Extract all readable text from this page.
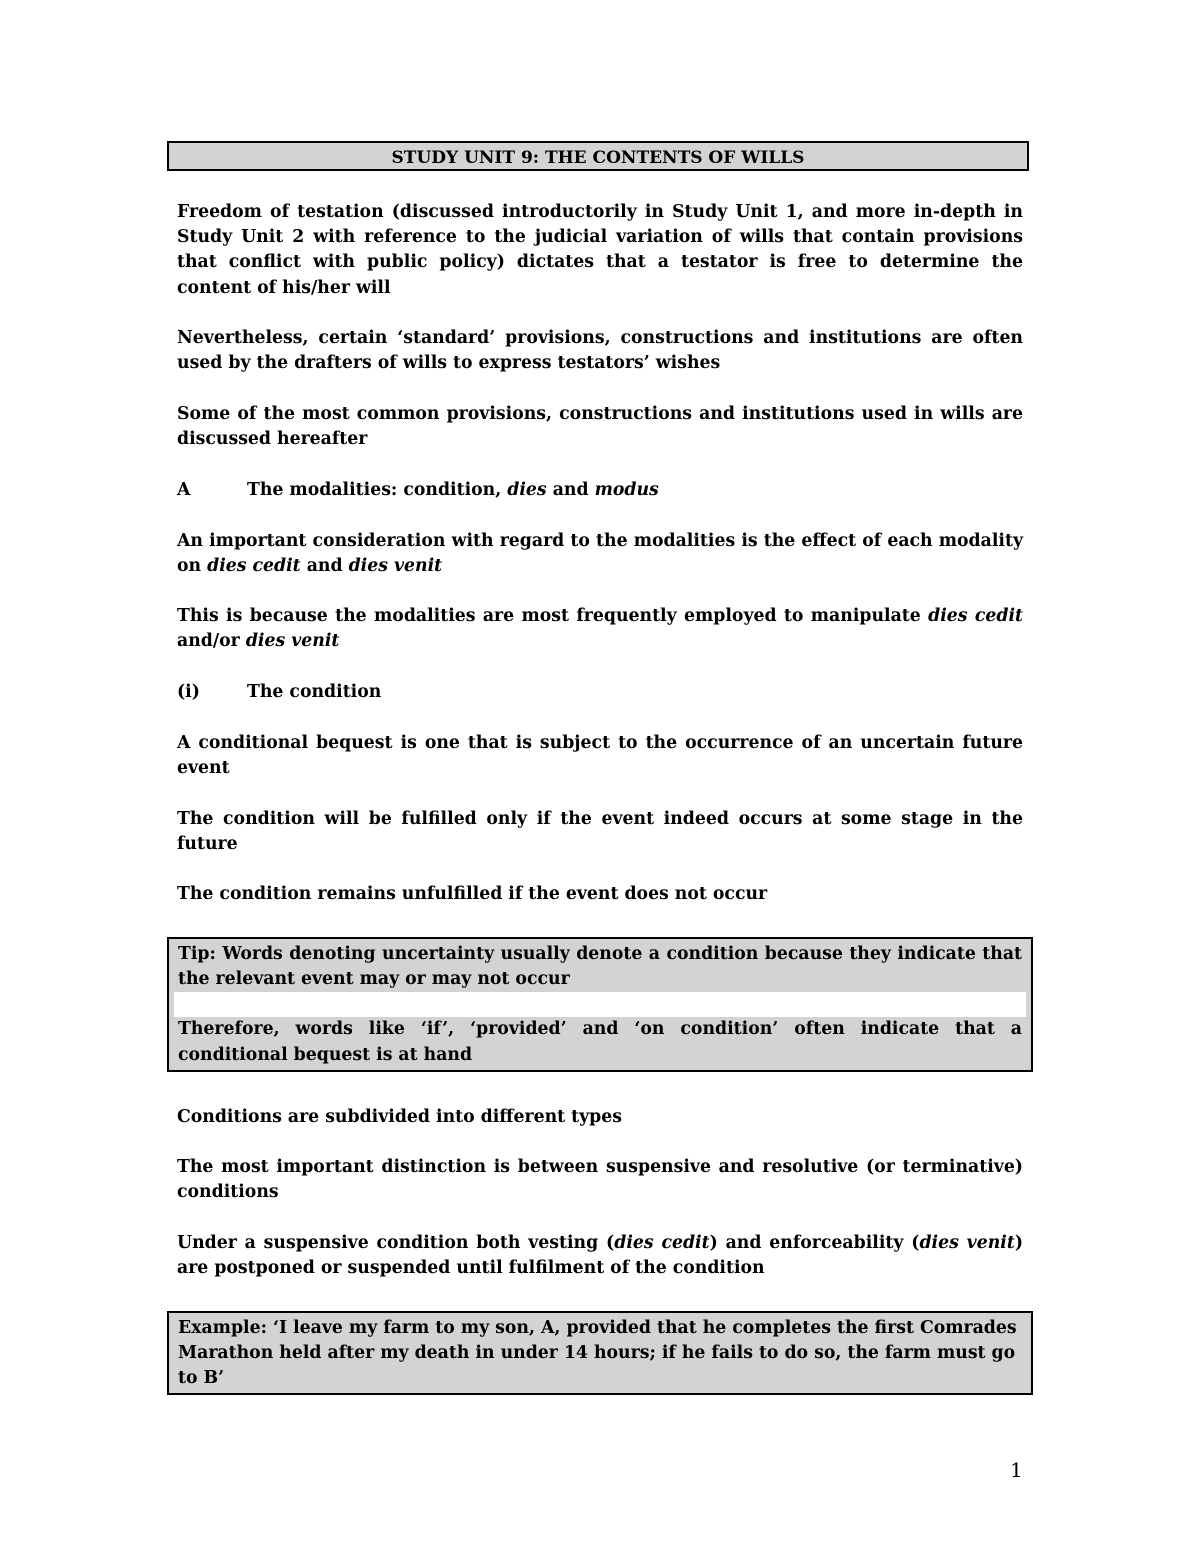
STUDY UNIT 9: THE CONTENTS OF WILLS

Freedom of testation (discussed introductorily in Study Unit 1, and more in-depth in Study Unit 2 with reference to the judicial variation of wills that contain provisions that conflict with public policy) dictates that a testator is free to determine the content of his/her will

Nevertheless, certain ‘standard’ provisions, constructions and institutions are often used by the drafters of wills to express testators’ wishes

Some of the most common provisions, constructions and institutions used in wills are discussed hereafter

A	The modalities: condition, dies and modus

An important consideration with regard to the modalities is the effect of each modality on dies cedit and dies venit

This is because the modalities are most frequently employed to manipulate dies cedit and/or dies venit

(i)	The condition

A conditional bequest is one that is subject to the occurrence of an uncertain future event

The condition will be fulfilled only if the event indeed occurs at some stage in the future

The condition remains unfulfilled if the event does not occur

Tip: Words denoting uncertainty usually denote a condition because they indicate that the relevant event may or may not occur

Therefore, words like ‘if’, ‘provided’ and ‘on condition’ often indicate that a conditional bequest is at hand

Conditions are subdivided into different types

The most important distinction is between suspensive and resolutive (or terminative) conditions

Under a suspensive condition both vesting (dies cedit) and enforceability (dies venit) are postponed or suspended until fulfilment of the condition

Example: ‘I leave my farm to my son, A, provided that he completes the first Comrades Marathon held after my death in under 14 hours; if he fails to do so, the farm must go to B’

1
